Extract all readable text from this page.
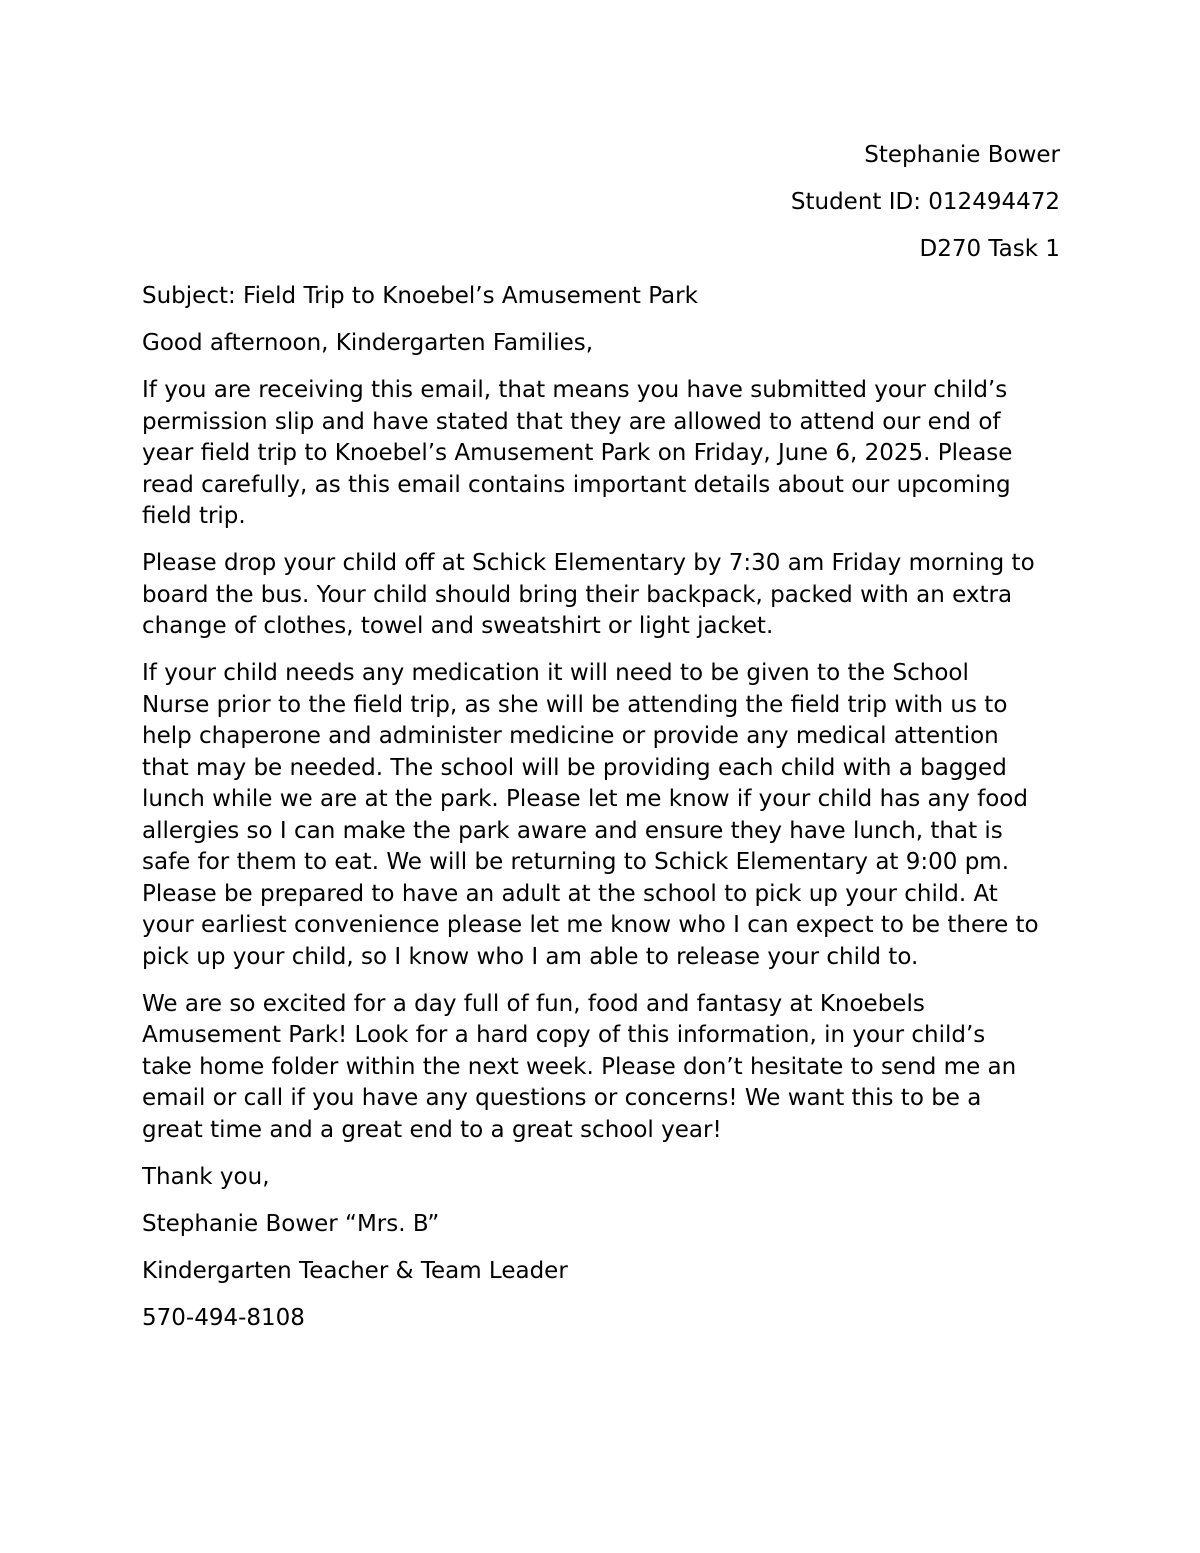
Stephanie Bower

Student ID: 012494472

D270 Task 1

Subject: Field Trip to Knoebel’s Amusement Park

Good afternoon, Kindergarten Families,

If you are receiving this email, that means you have submitted your child’s

permission slip and have stated that they are allowed to attend our end of

year field trip to Knoebel’s Amusement Park on Friday, June 6, 2025. Please

read carefully, as this email contains important details about our upcoming

field trip.

Please drop your child off at Schick Elementary by 7:30 am Friday morning to

board the bus. Your child should bring their backpack, packed with an extra

change of clothes, towel and sweatshirt or light jacket.

If your child needs any medication it will need to be given to the School

Nurse prior to the field trip, as she will be attending the field trip with us to

help chaperone and administer medicine or provide any medical attention

that may be needed. The school will be providing each child with a bagged

lunch while we are at the park. Please let me know if your child has any food

allergies so I can make the park aware and ensure they have lunch, that is

safe for them to eat. We will be returning to Schick Elementary at 9:00 pm.

Please be prepared to have an adult at the school to pick up your child. At

your earliest convenience please let me know who I can expect to be there to

pick up your child, so I know who I am able to release your child to.

We are so excited for a day full of fun, food and fantasy at Knoebels

Amusement Park! Look for a hard copy of this information, in your child’s

take home folder within the next week. Please don’t hesitate to send me an

email or call if you have any questions or concerns! We want this to be a

great time and a great end to a great school year!

Thank you,

Stephanie Bower “Mrs. B”

Kindergarten Teacher & Team Leader

570-494-8108
